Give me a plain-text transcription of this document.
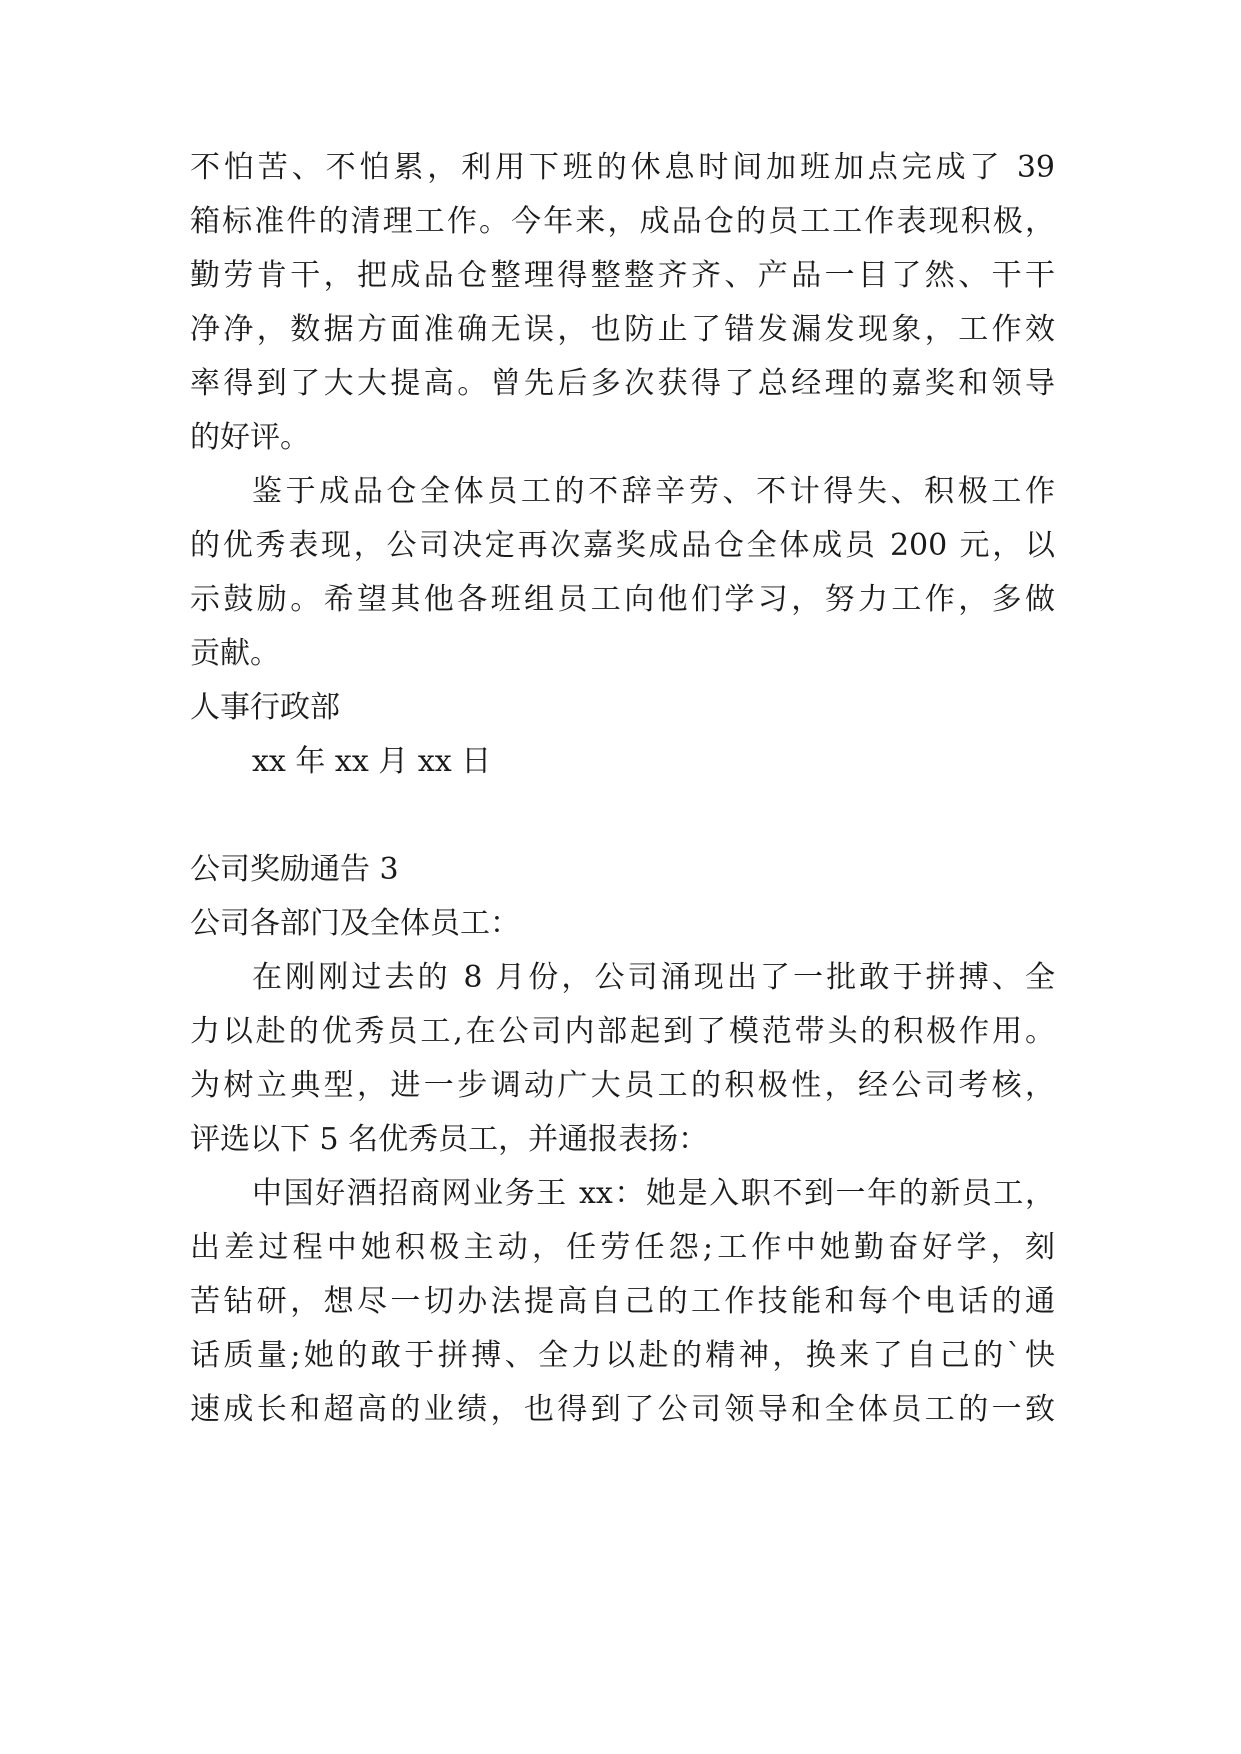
不怕苦、不怕累，利用下班的休息时间加班加点完成了 39
箱标准件的清理工作。今年来，成品仓的员工工作表现积极，
勤劳肯干，把成品仓整理得整整齐齐、产品一目了然、干干
净净，数据方面准确无误，也防止了错发漏发现象，工作效
率得到了大大提高。曾先后多次获得了总经理的嘉奖和领导
的好评。
鉴于成品仓全体员工的不辞辛劳、不计得失、积极工作
的优秀表现，公司决定再次嘉奖成品仓全体成员 200 元，以
示鼓励。希望其他各班组员工向他们学习，努力工作，多做
贡献。
人事行政部
xx 年 xx 月 xx 日
公司奖励通告 3
公司各部门及全体员工：
在刚刚过去的 8 月份，公司涌现出了一批敢于拼搏、全
力以赴的优秀员工,在公司内部起到了模范带头的积极作用。
为树立典型，进一步调动广大员工的积极性，经公司考核，
评选以下 5 名优秀员工，并通报表扬：
中国好酒招商网业务王 xx：她是入职不到一年的新员工，
出差过程中她积极主动，任劳任怨;工作中她勤奋好学，刻
苦钻研，想尽一切办法提高自己的工作技能和每个电话的通
话质量;她的敢于拼搏、全力以赴的精神，换来了自己的`快
速成长和超高的业绩，也得到了公司领导和全体员工的一致
